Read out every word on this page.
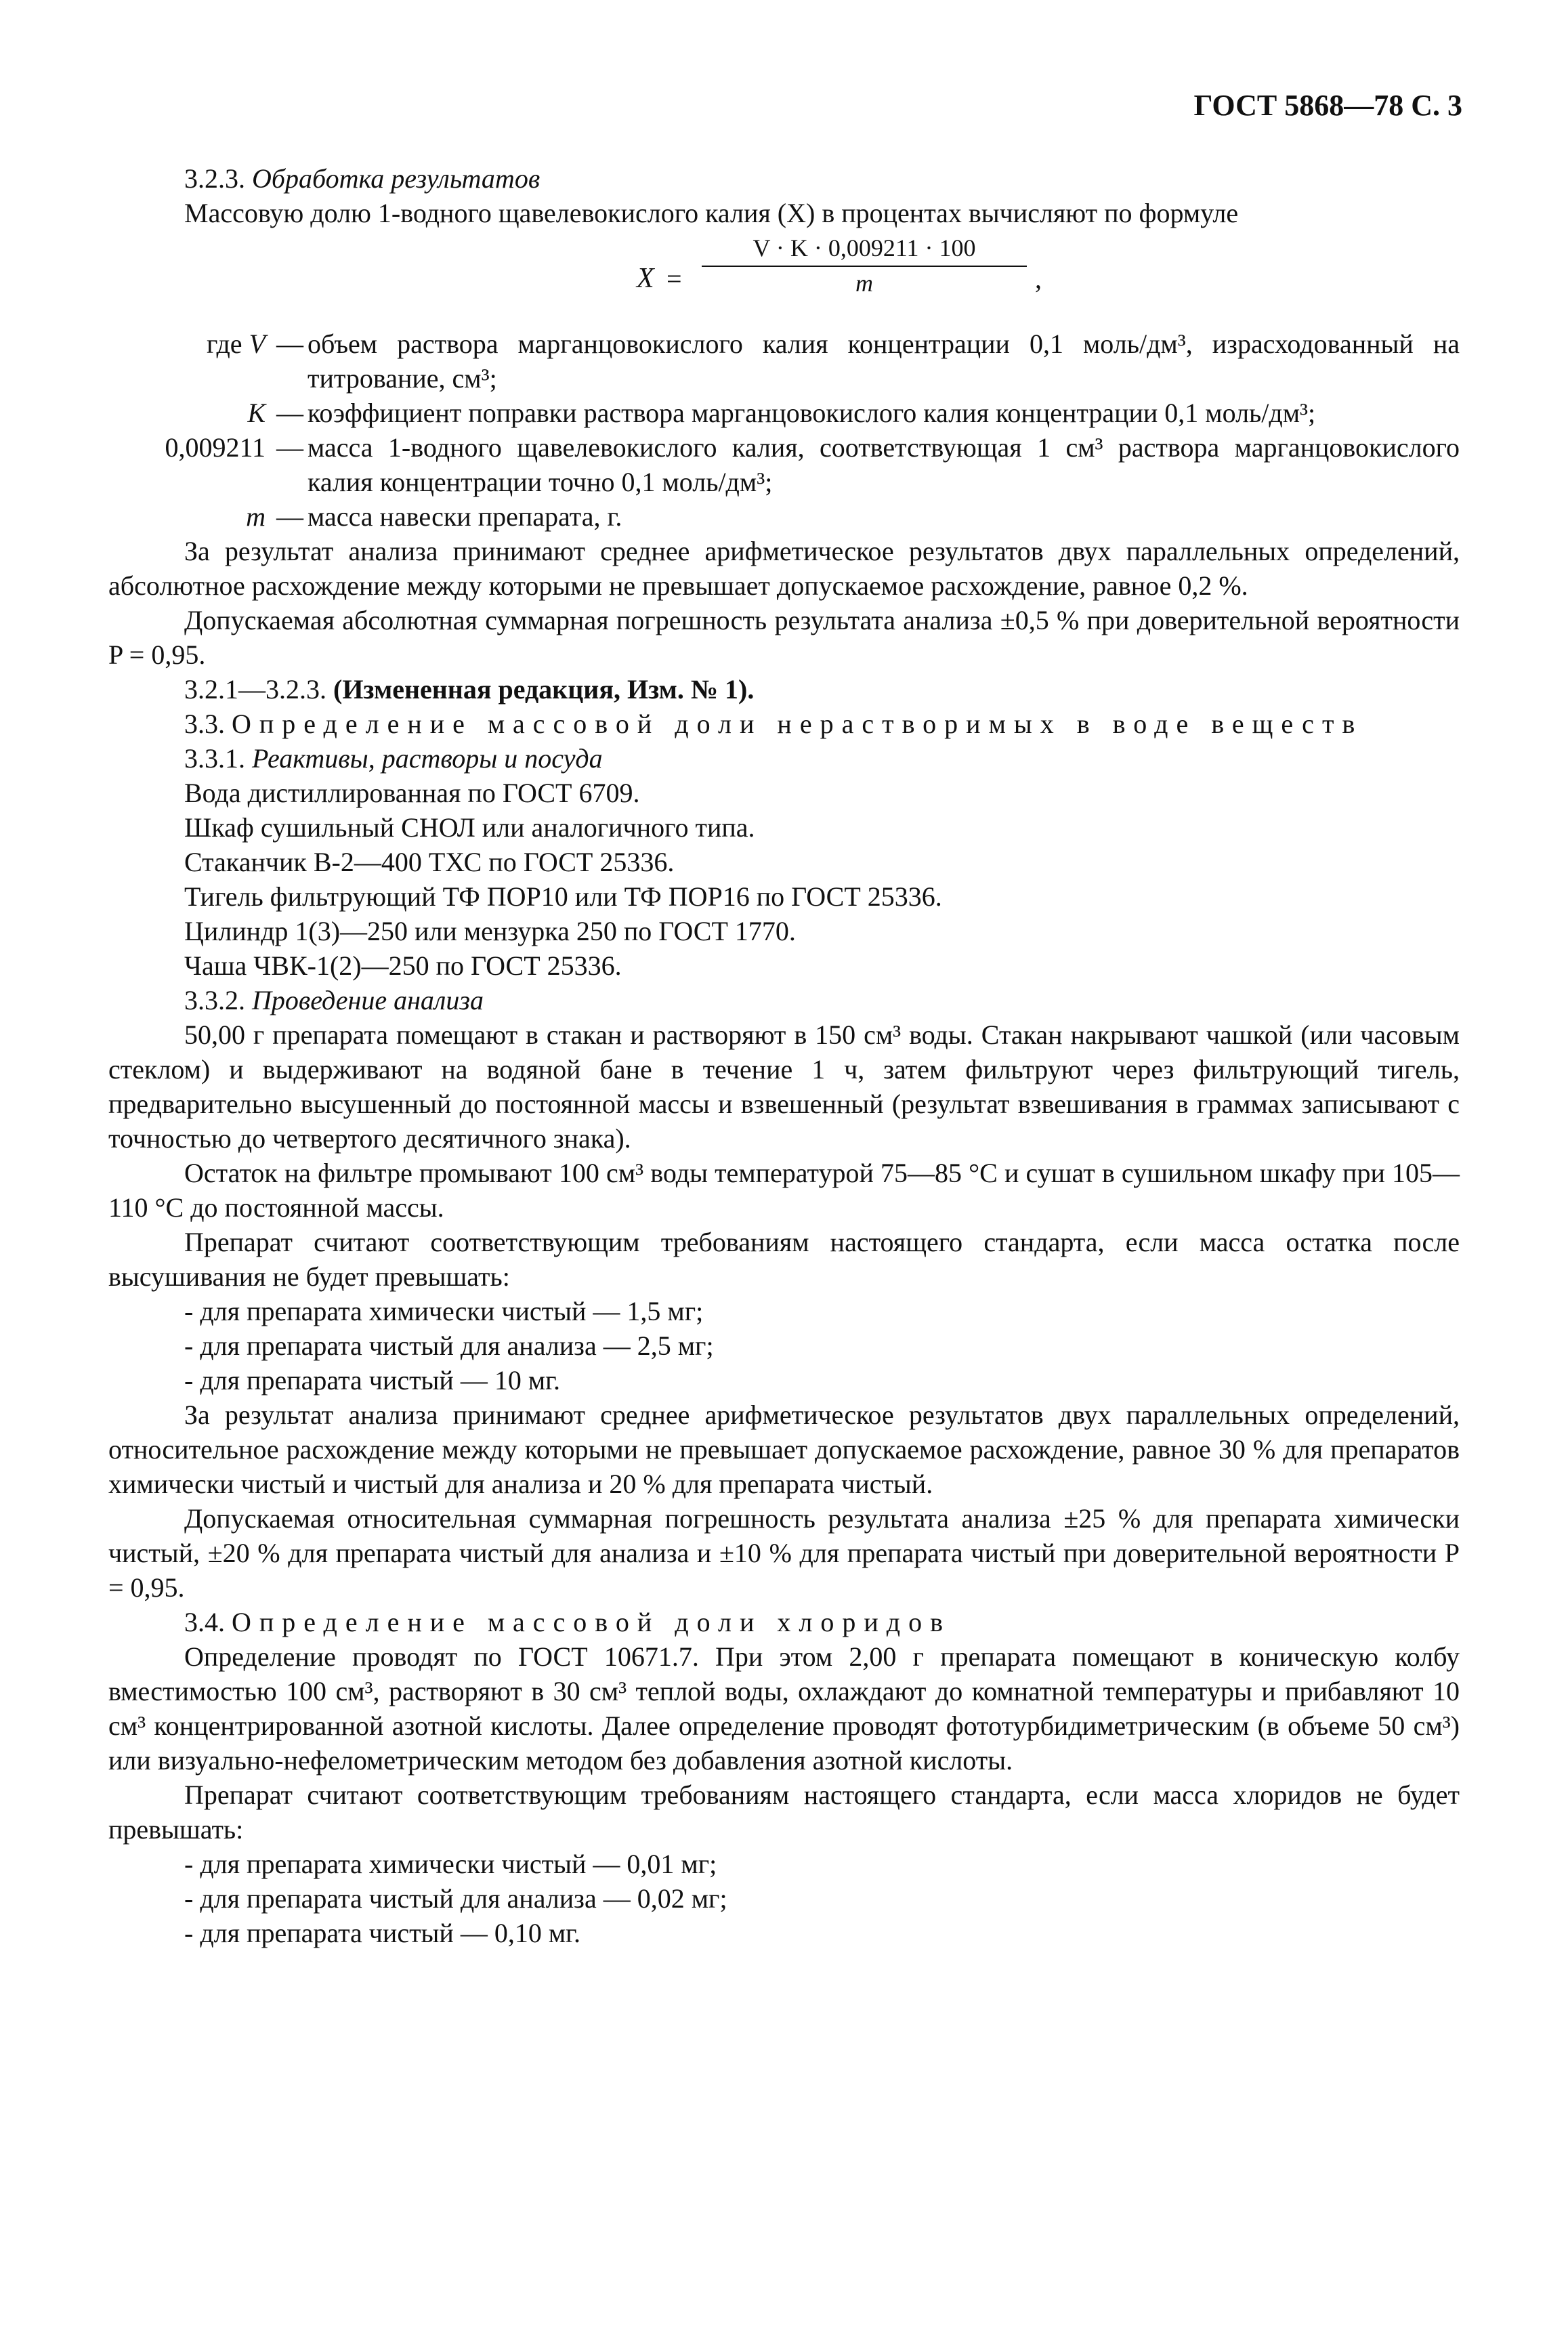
ГОСТ 5868—78 С. 3

3.2.3. Обработка результатов

Массовую долю 1-водного щавелевокислого калия (X) в процентах вычисляют по формуле

$X = \frac{V \cdot K \cdot 0,009211 \cdot 100}{m}$ ,
где V — объем раствора марганцовокислого калия концентрации 0,1 моль/дм³, израсходованный на титрование, см³;
K — коэффициент поправки раствора марганцовокислого калия концентрации 0,1 моль/дм³;
0,009211 — масса 1-водного щавелевокислого калия, соответствующая 1 см³ раствора марганцовокислого калия концентрации точно 0,1 моль/дм³;
m — масса навески препарата, г.

За результат анализа принимают среднее арифметическое результатов двух параллельных определений, абсолютное расхождение между которыми не превышает допускаемое расхождение, равное 0,2 %.

Допускаемая абсолютная суммарная погрешность результата анализа ±0,5 % при доверительной вероятности P = 0,95.

3.2.1—3.2.3. (Измененная редакция, Изм. № 1).

3.3. Определение массовой доли нерастворимых в воде веществ

3.3.1. Реактивы, растворы и посуда

Вода дистиллированная по ГОСТ 6709.

Шкаф сушильный СНОЛ или аналогичного типа.

Стаканчик В-2—400 ТХС по ГОСТ 25336.

Тигель фильтрующий ТФ ПОР10 или ТФ ПОР16 по ГОСТ 25336.

Цилиндр 1(3)—250 или мензурка 250 по ГОСТ 1770.

Чаша ЧВК-1(2)—250 по ГОСТ 25336.

3.3.2. Проведение анализа

50,00 г препарата помещают в стакан и растворяют в 150 см³ воды. Стакан накрывают чашкой (или часовым стеклом) и выдерживают на водяной бане в течение 1 ч, затем фильтруют через фильтрующий тигель, предварительно высушенный до постоянной массы и взвешенный (результат взвешивания в граммах записывают с точностью до четвертого десятичного знака).

Остаток на фильтре промывают 100 см³ воды температурой 75—85 °С и сушат в сушильном шкафу при 105—110 °С до постоянной массы.

Препарат считают соответствующим требованиям настоящего стандарта, если масса остатка после высушивания не будет превышать:

- для препарата химически чистый — 1,5 мг;

- для препарата чистый для анализа — 2,5 мг;

- для препарата чистый — 10 мг.

За результат анализа принимают среднее арифметическое результатов двух параллельных определений, относительное расхождение между которыми не превышает допускаемое расхождение, равное 30 % для препаратов химически чистый и чистый для анализа и 20 % для препарата чистый.

Допускаемая относительная суммарная погрешность результата анализа ±25 % для препарата химически чистый, ±20 % для препарата чистый для анализа и ±10 % для препарата чистый при доверительной вероятности P = 0,95.

3.4. Определение массовой доли хлоридов

Определение проводят по ГОСТ 10671.7. При этом 2,00 г препарата помещают в коническую колбу вместимостью 100 см³, растворяют в 30 см³ теплой воды, охлаждают до комнатной температуры и прибавляют 10 см³ концентрированной азотной кислоты. Далее определение проводят фототурбидиметрическим (в объеме 50 см³) или визуально-нефелометрическим методом без добавления азотной кислоты.

Препарат считают соответствующим требованиям настоящего стандарта, если масса хлоридов не будет превышать:

- для препарата химически чистый — 0,01 мг;

- для препарата чистый для анализа — 0,02 мг;

- для препарата чистый — 0,10 мг.
